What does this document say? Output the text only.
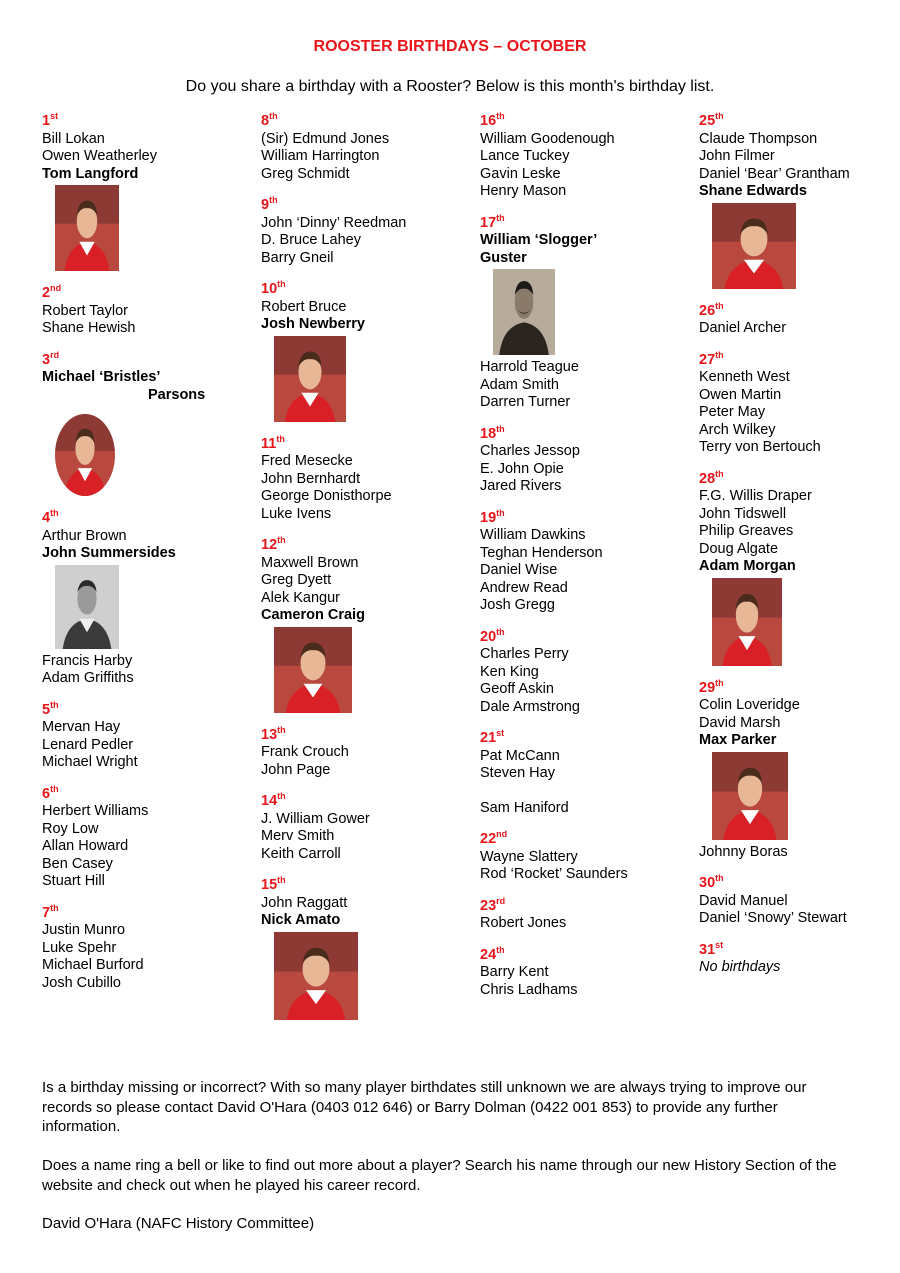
ROOSTER BIRTHDAYS – OCTOBER
Do you share a birthday with a Rooster? Below is this month's birthday list.
1st
Bill Lokan
Owen Weatherley
Tom Langford
2nd
Robert Taylor
Shane Hewish
3rd
Michael ‘Bristles’
Parsons
4th
Arthur Brown
John Summersides
Francis Harby
Adam Griffiths
5th
Mervan Hay
Lenard Pedler
Michael Wright
6th
Herbert Williams
Roy Low
Allan Howard
Ben Casey
Stuart Hill
7th
Justin Munro
Luke Spehr
Michael Burford
Josh Cubillo
8th
(Sir) Edmund Jones
William Harrington
Greg Schmidt
9th
John ‘Dinny’ Reedman
D. Bruce Lahey
Barry Gneil
10th
Robert Bruce
Josh Newberry
11th
Fred Mesecke
John Bernhardt
George Donisthorpe
Luke Ivens
12th
Maxwell Brown
Greg Dyett
Alek Kangur
Cameron Craig
13th
Frank Crouch
John Page
14th
J. William Gower
Merv Smith
Keith Carroll
15th
John Raggatt
Nick Amato
16th
William Goodenough
Lance Tuckey
Gavin Leske
Henry Mason
17th
William ‘Slogger’
Guster
Harrold Teague
Adam Smith
Darren Turner
18th
Charles Jessop
E. John Opie
Jared Rivers
19th
William Dawkins
Teghan Henderson
Daniel Wise
Andrew Read
Josh Gregg
20th
Charles Perry
Ken King
Geoff Askin
Dale Armstrong
21st
Pat McCann
Steven Hay
Sam Haniford
22nd
Wayne Slattery
Rod ‘Rocket’ Saunders
23rd
Robert Jones
24th
Barry Kent
Chris Ladhams
25th
Claude Thompson
John Filmer
Daniel ‘Bear’ Grantham
Shane Edwards
26th
Daniel Archer
27th
Kenneth West
Owen Martin
Peter May
Arch Wilkey
Terry von Bertouch
28th
F.G. Willis Draper
John Tidswell
Philip Greaves
Doug Algate
Adam Morgan
29th
Colin Loveridge
David Marsh
Max Parker
Johnny Boras
30th
David Manuel
Daniel ‘Snowy’ Stewart
31st
No birthdays
Is a birthday missing or incorrect? With so many player birthdates still unknown we are always trying to improve our records so please contact David O'Hara (0403 012 646) or Barry Dolman (0422 001 853) to provide any further information.
Does a name ring a bell or like to find out more about a player? Search his name through our new History Section of the website and check out when he played his career record.
David O'Hara (NAFC History Committee)
